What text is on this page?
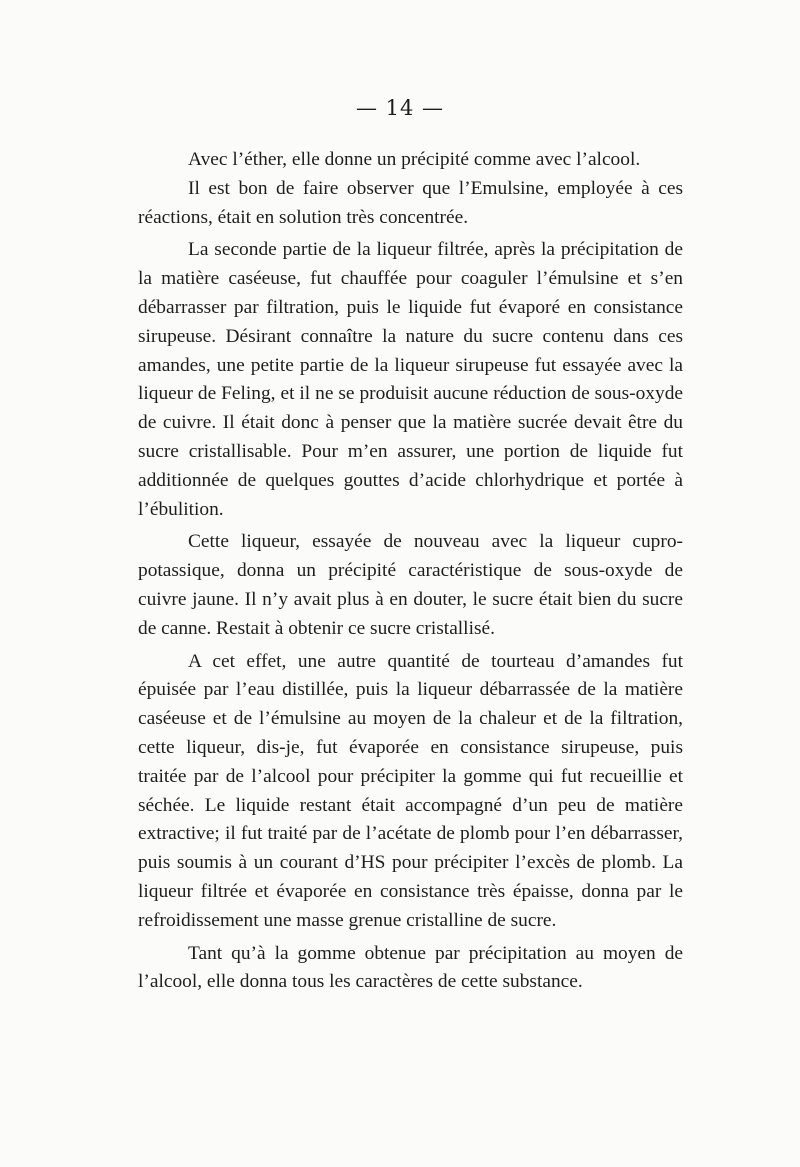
— 14 —

Avec l’éther, elle donne un précipité comme avec l’alcool.

Il est bon de faire observer que l’Emulsine, employée à ces réactions, était en solution très concentrée.

La seconde partie de la liqueur filtrée, après la précipitation de la matière caséeuse, fut chauffée pour coaguler l’émulsine et s’en débarrasser par filtration, puis le liquide fut évaporé en consistance sirupeuse. Désirant connaître la nature du sucre contenu dans ces amandes, une petite partie de la liqueur sirupeuse fut essayée avec la liqueur de Feling, et il ne se produisit aucune réduction de sous-oxyde de cuivre. Il était donc à penser que la matière sucrée devait être du sucre cristallisable. Pour m’en assurer, une portion de liquide fut additionnée de quelques gouttes d’acide chlorhydrique et portée à l’ébulition.

Cette liqueur, essayée de nouveau avec la liqueur cupro-potassique, donna un précipité caractéristique de sous-oxyde de cuivre jaune. Il n’y avait plus à en douter, le sucre était bien du sucre de canne. Restait à obtenir ce sucre cristallisé.

A cet effet, une autre quantité de tourteau d’amandes fut épuisée par l’eau distillée, puis la liqueur débarrassée de la matière caséeuse et de l’émulsine au moyen de la chaleur et de la filtration, cette liqueur, dis-je, fut évaporée en consistance sirupeuse, puis traitée par de l’alcool pour précipiter la gomme qui fut recueillie et séchée. Le liquide restant était accompagné d’un peu de matière extractive; il fut traité par de l’acétate de plomb pour l’en débarrasser, puis soumis à un courant d’HS pour précipiter l’excès de plomb. La liqueur filtrée et évaporée en consistance très épaisse, donna par le refroidissement une masse grenue cristalline de sucre.

Tant qu’à la gomme obtenue par précipitation au moyen de l’alcool, elle donna tous les caractères de cette substance.
